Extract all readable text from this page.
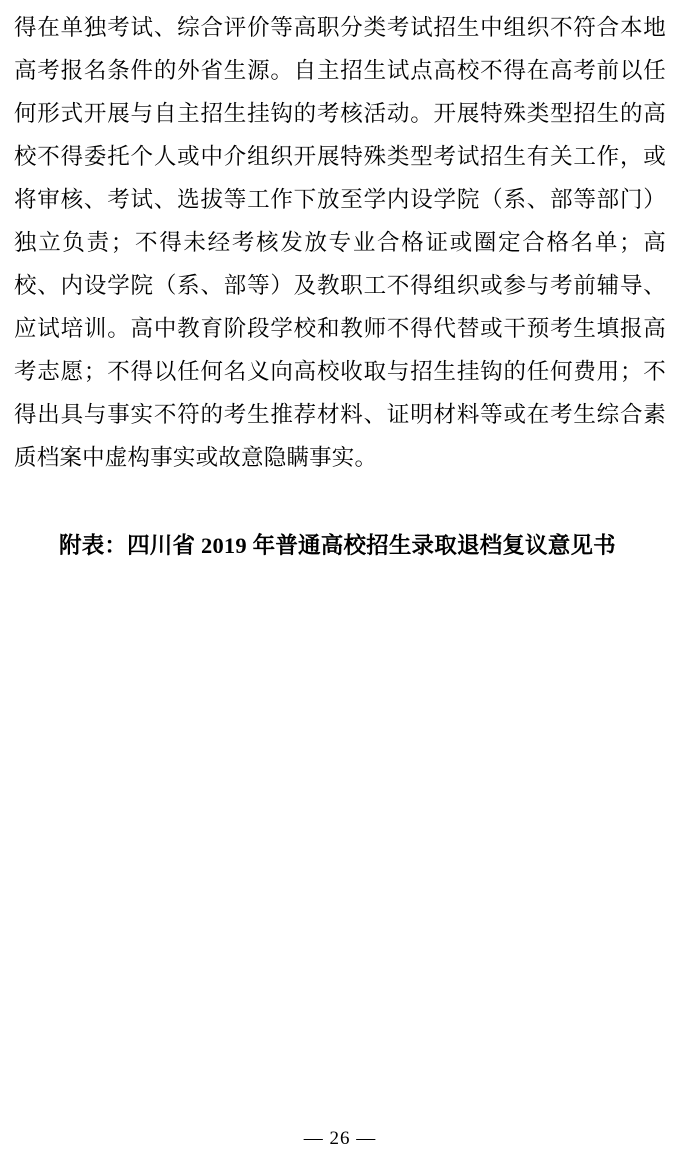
得在单独考试、综合评价等高职分类考试招生中组织不符合本地高考报名条件的外省生源。自主招生试点高校不得在高考前以任何形式开展与自主招生挂钩的考核活动。开展特殊类型招生的高校不得委托个人或中介组织开展特殊类型考试招生有关工作，或将审核、考试、选拔等工作下放至学内设学院（系、部等部门）独立负责；不得未经考核发放专业合格证或圈定合格名单；高校、内设学院（系、部等）及教职工不得组织或参与考前辅导、应试培训。高中教育阶段学校和教师不得代替或干预考生填报高考志愿；不得以任何名义向高校收取与招生挂钩的任何费用；不得出具与事实不符的考生推荐材料、证明材料等或在考生综合素质档案中虚构事实或故意隐瞒事实。

附表：四川省 2019 年普通高校招生录取退档复议意见书

— 26 —
